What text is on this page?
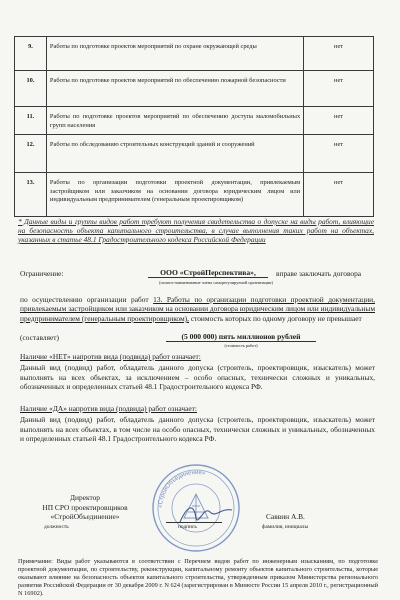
9.	Работы по подготовке проектов мероприятий по охране окружающей среды	нет
10.	Работы по подготовке проектов мероприятий по обеспечению пожарной безопасности	нет
11.	Работы по подготовке проектов мероприятий по обеспечению доступа маломобильных групп населения	нет
12.	Работы по обследованию строительных конструкций зданий и сооружений	нет
13.	Работы по организации подготовки проектной документации, привлекаемым застройщиком или заказчиком на основании договора юридическим лицом или индивидуальным предпринимателем (генеральным проектировщиком)	нет
* Данные виды и группы видов работ требуют получения свидетельства о допуске на виды работ, влияющие на безопасность объекта капитального строительства, в случае выполнения таких работ на объектах, указанных в статье 48.1 Градостроительного кодекса Российской Федерации
Ограничение:	ООО «СтройПерспектива»,	вправе заключать договора
(полное наименование члена саморегулируемой организации)
по осуществлению организации работ 13. Работы по организации подготовки проектной документации, привлекаемым застройщиком или заказчиком на основании договора юридическим лицом или индивидуальным предпринимателем (генеральным проектировщиком), стоимость которых по одному договору не превышает
(составляет)	(5 000 000) пять миллионов рублей
(стоимость работ)
Наличие «НЕТ» напротив вида (подвида) работ означает:
Данный вид (подвид) работ, обладатель данного допуска (строитель, проектировщик, изыскатель) может выполнять на всех объектах, за исключением – особо опасных, технически сложных и уникальных, обозначенных и определенных статьей 48.1 Градостроительного кодекса РФ.
Наличие «ДА» напротив вида (подвида) работ означает:
Данный вид (подвид) работ, обладатель данного допуска (строитель, проектировщик, изыскатель) может выполнять на всех объектах, в том числе на особо опасных, технически сложных и уникальных, обозначенных и определенных статьей 48.1 Градостроительного кодекса РФ.
«СтройОбъединение»
Директор
НП СРО проектировщиков
«СтройОбъединение»
должность	подпись
Саввин А.В.
фамилия, инициалы
Примечание: Виды работ указываются в соответствии с Перечнем видов работ по инженерным изысканиям, по подготовке проектной документации, по строительству, реконструкции, капитальному ремонту объектов капитального строительства, которые оказывают влияние на безопасность объектов капитального строительства, утвержденным приказом Министерства регионального развития Российской Федерации от 30 декабря 2009 г. N 624 (зарегистрирован в Минюсте России 15 апреля 2010 г., регистрационный N 16902).
